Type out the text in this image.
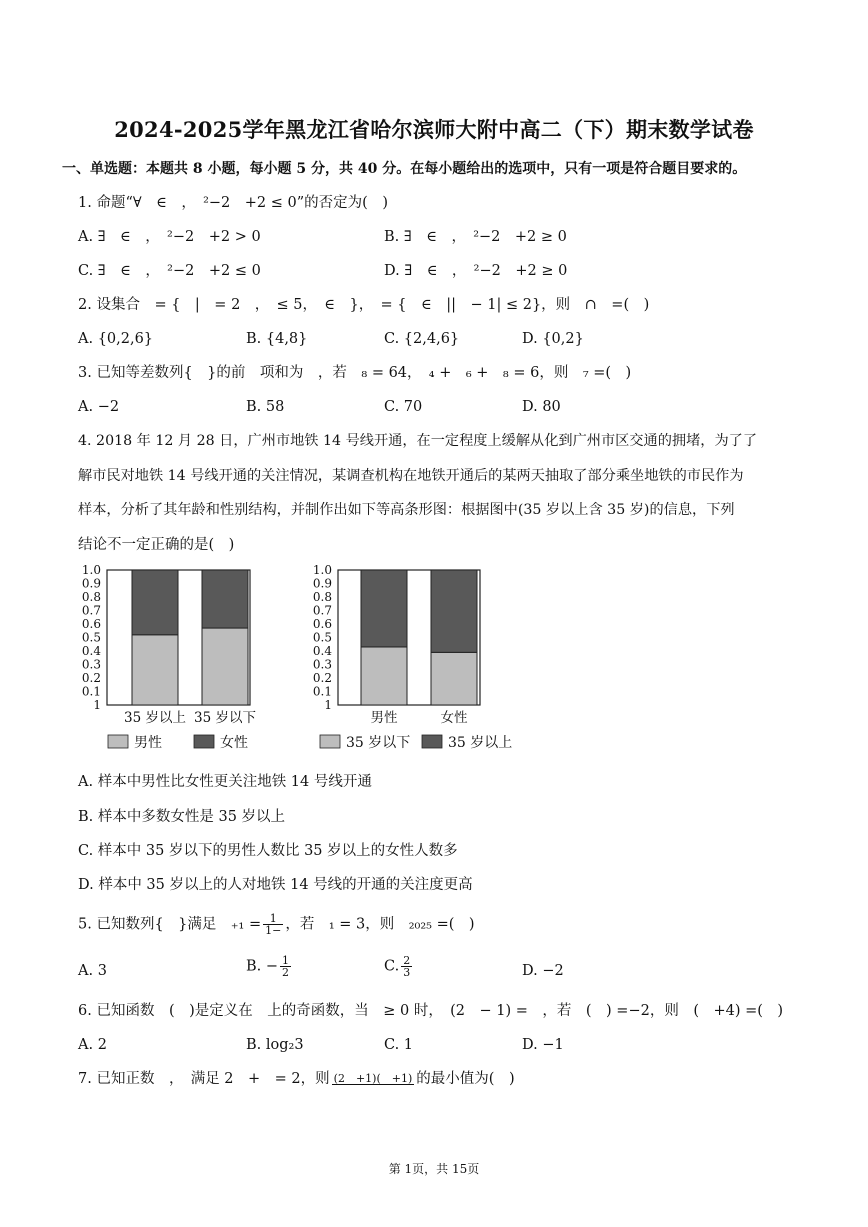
2024-2025学年黑龙江省哈尔滨师大附中高二（下）期末数学试卷
一、单选题：本题共 8 小题，每小题 5 分，共 40 分。在每小题给出的选项中，只有一项是符合题目要求的。
1. 命题“∀　∈　，　²−2　+2 ≤ 0”的否定为(　)
A. ∃　∈　，　²−2　+2 > 0	B. ∃　∈　，　²−2　+2 ≥ 0
C. ∃　∈　，　²−2　+2 ≤ 0	D. ∃　∈　，　²−2　+2 ≥ 0
2. 设集合　= {　|　= 2　，　≤ 5，　∈　}，　= {　∈　||　− 1| ≤ 2}，则　∩　=(　)
A. {0,2,6}	B. {4,8}	C. {2,4,6}	D. {0,2}
3. 已知等差数列{　}的前　项和为　，若　₈ = 64，　₄ +　₆ +　₈ = 6，则　₇ =(　)
A. −2	B. 58	C. 70	D. 80
4. 2018 年 12 月 28 日，广州市地铁 14 号线开通，在一定程度上缓解从化到广州市区交通的拥堵，为了了
解市民对地铁 14 号线开通的关注情况，某调查机构在地铁开通后的某两天抽取了部分乘坐地铁的市民作为
样本，分析了其年龄和性别结构，并制作出如下等高条形图：根据图中(35 岁以上含 35 岁)的信息，下列
结论不一定正确的是(　)
1.0
0.9
0.8
0.7
0.6
0.5
0.4
0.3
0.2
0.1
1
35 岁以上 35 岁以下
男性	女性
1.0
0.9
0.8
0.7
0.6
0.5
0.4
0.3
0.2
0.1
1
男性	女性
35 岁以下	35 岁以上
A. 样本中男性比女性更关注地铁 14 号线开通
B. 样本中多数女性是 35 岁以上
C. 样本中 35 岁以下的男性人数比 35 岁以上的女性人数多
D. 样本中 35 岁以上的人对地铁 14 号线的开通的关注度更高
5. 已知数列{　}满足　$_{+1} = \frac{1}{1-}$ ，若　₁ = 3，则　₂₀₂₅ =(　)
A. 3	B. − $\frac{1}{2}$	C. $\frac{2}{3}$	D. −2
6. 已知函数　(　)是定义在　上的奇函数，当　≥ 0 时，　(2　− 1) =　，若　(　) =−2，则　(　+4) =(　)
A. 2	B. log₂3	C. 1	D. −1
7. 已知正数　，　满足 2　+　= 2，则 (2　+1)(　+1) 的最小值为(　)
第 1页，共 15页
